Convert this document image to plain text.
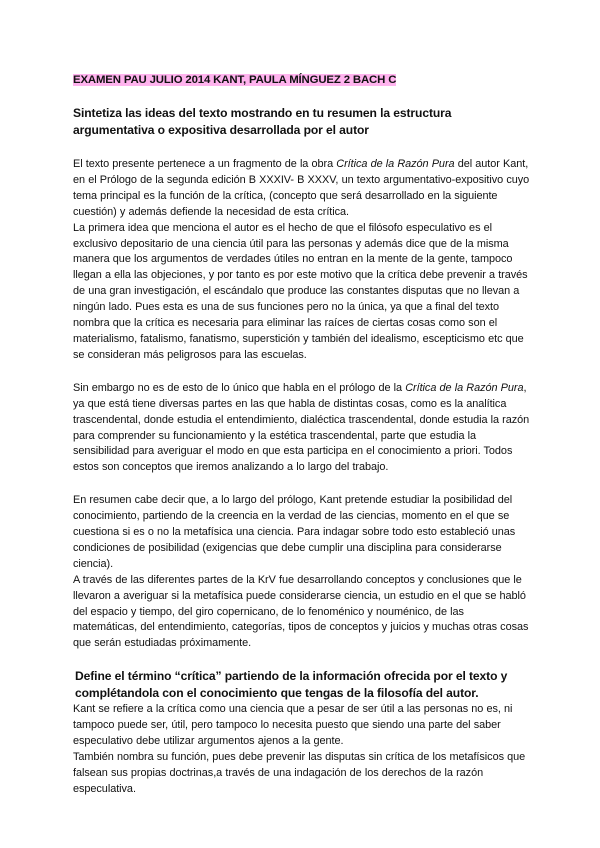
EXAMEN PAU JULIO 2014 KANT, PAULA MÍNGUEZ 2 BACH C
Sintetiza las ideas del texto mostrando en tu resumen la estructura argumentativa o expositiva desarrollada por el autor

El texto presente pertenece a un fragmento de la obra Crítica de la Razón Pura del autor Kant, en el Prólogo de la segunda edición B XXXIV- B XXXV, un texto argumentativo-expositivo cuyo tema principal es la función de la crítica, (concepto que será desarrollado en la siguiente cuestión) y además defiende la necesidad de esta crítica.

La primera idea que menciona el autor es el hecho de que el filósofo especulativo es el exclusivo depositario de una ciencia útil para las personas y además dice que de la misma manera que los argumentos de verdades útiles no entran en la mente de la gente, tampoco llegan a ella las objeciones, y por tanto es por este motivo que la crítica debe prevenir a través de una gran investigación, el escándalo que produce las constantes disputas que no llevan a ningún lado. Pues esta es una de sus funciones pero no la única, ya que a final del texto nombra que la crítica es necesaria para eliminar las raíces de ciertas cosas como son el materialismo, fatalismo, fanatismo, superstición y también del idealismo, escepticismo etc que se consideran más peligrosos para las escuelas.

Sin embargo no es de esto de lo único que habla en el prólogo de la Crítica de la Razón Pura, ya que está tiene diversas partes en las que habla de distintas cosas, como es la analítica trascendental, donde estudia el entendimiento, dialéctica trascendental, donde estudia la razón para comprender su funcionamiento y la estética trascendental, parte que estudia la sensibilidad para averiguar el modo en que esta participa en el conocimiento a priori. Todos estos son conceptos que iremos analizando a lo largo del trabajo.

En resumen cabe decir que, a lo largo del prólogo, Kant pretende estudiar la posibilidad del conocimiento, partiendo de la creencia en la verdad de las ciencias, momento en el que se cuestiona si es o no la metafísica una ciencia. Para indagar sobre todo esto estableció unas condiciones de posibilidad (exigencias que debe cumplir una disciplina para considerarse ciencia).

A través de las diferentes partes de la KrV fue desarrollando conceptos y conclusiones que le llevaron a averiguar si la metafísica puede considerarse ciencia, un estudio en el que se habló del espacio y tiempo, del giro copernicano, de lo fenoménico y nouménico, de las matemáticas, del entendimiento, categorías, tipos de conceptos y juicios y muchas otras cosas que serán estudiadas próximamente.

Define el término “crítica” partiendo de la información ofrecida por el texto y complétandola con el conocimiento que tengas de la filosofía del autor.

Kant se refiere a la crítica como una ciencia que a pesar de ser útil a las personas no es, ni tampoco puede ser, útil, pero tampoco lo necesita puesto que siendo una parte del saber especulativo debe utilizar argumentos ajenos a la gente.

También nombra su función, pues debe prevenir las disputas sin crítica de los metafísicos que falsean sus propias doctrinas,a través de una indagación de los derechos de la razón especulativa.
